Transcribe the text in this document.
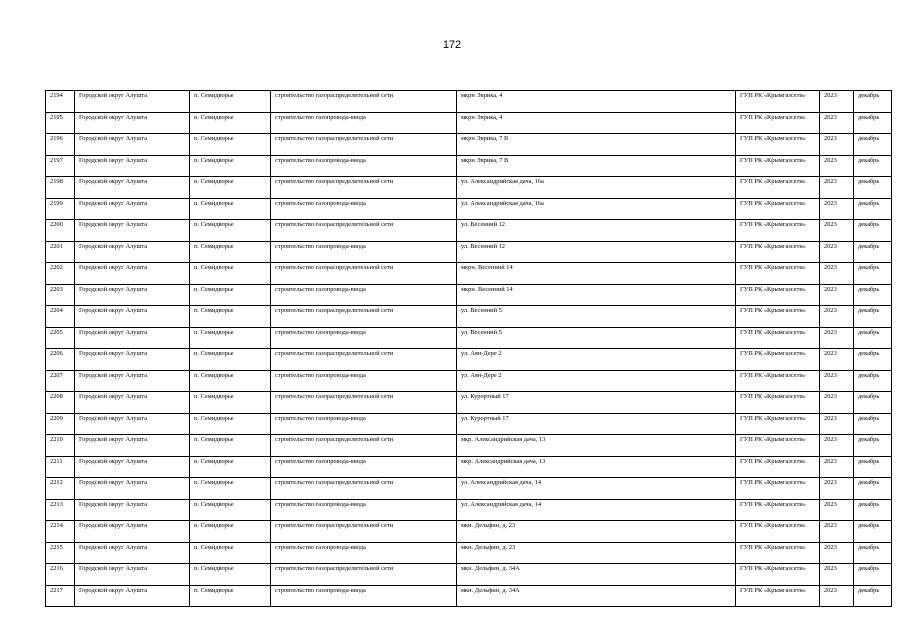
172
2194	Городской округ Алушта	п. Семидворье	строительство газораспределительной сети	мкрн Эврика, 4	ГУП РК «Крымгазсети»	2023	декабрь
2195	Городской округ Алушта	п. Семидворье	строительство газопровода-ввода	мкрн Эврика, 4	ГУП РК «Крымгазсети»	2023	декабрь
2196	Городской округ Алушта	п. Семидворье	строительство газораспределительной сети	мкрн Эврика, 7 В	ГУП РК «Крымгазсети»	2023	декабрь
2197	Городской округ Алушта	п. Семидворье	строительство газопровода-ввода	мкрн Эврика, 7 В	ГУП РК «Крымгазсети»	2023	декабрь
2198	Городской округ Алушта	п. Семидворье	строительство газораспределительной сети	ул. Александрийская дача, 16а	ГУП РК «Крымгазсети»	2023	декабрь
2199	Городской округ Алушта	п. Семидворье	строительство газопровода-ввода	ул. Александрийская дача, 16а	ГУП РК «Крымгазсети»	2023	декабрь
2200	Городской округ Алушта	п. Семидворье	строительство газораспределительной сети	ул. Весенний 12	ГУП РК «Крымгазсети»	2023	декабрь
2201	Городской округ Алушта	п. Семидворье	строительство газопровода-ввода	ул. Весенний 12	ГУП РК «Крымгазсети»	2023	декабрь
2202	Городской округ Алушта	п. Семидворье	строительство газораспределительной сети	мкрн. Весенний 14	ГУП РК «Крымгазсети»	2023	декабрь
2203	Городской округ Алушта	п. Семидворье	строительство газопровода-ввода	мкрн. Весенний 14	ГУП РК «Крымгазсети»	2023	декабрь
2204	Городской округ Алушта	п. Семидворье	строительство газораспределительной сети	ул. Весенний 5	ГУП РК «Крымгазсети»	2023	декабрь
2205	Городской округ Алушта	п. Семидворье	строительство газопровода-ввода	ул. Весенний 5	ГУП РК «Крымгазсети»	2023	декабрь
2206	Городской округ Алушта	п. Семидворье	строительство газораспределительной сети	ул. Аян-Дере 2	ГУП РК «Крымгазсети»	2023	декабрь
2207	Городской округ Алушта	п. Семидворье	строительство газопровода-ввода	ул. Аян-Дере 2	ГУП РК «Крымгазсети»	2023	декабрь
2208	Городской округ Алушта	п. Семидворье	строительство газораспределительной сети	ул. Курортный 17	ГУП РК «Крымгазсети»	2023	декабрь
2209	Городской округ Алушта	п. Семидворье	строительство газопровода-ввода	ул. Курортный 17	ГУП РК «Крымгазсети»	2023	декабрь
2210	Городской округ Алушта	п. Семидворье	строительство газораспределительной сети	мкр. Александрийская дача, 13	ГУП РК «Крымгазсети»	2023	декабрь
2211	Городской округ Алушта	п. Семидворье	строительство газопровода-ввода	мкр. Александрийская дача, 13	ГУП РК «Крымгазсети»	2023	декабрь
2212	Городской округ Алушта	п. Семидворье	строительство газораспределительной сети	ул. Александрийская дача, 14	ГУП РК «Крымгазсети»	2023	декабрь
2213	Городской округ Алушта	п. Семидворье	строительство газопровода-ввода	ул. Александрийская дача, 14	ГУП РК «Крымгазсети»	2023	декабрь
2214	Городской округ Алушта	п. Семидворье	строительство газораспределительной сети	мкн. Дельфин, д. 23	ГУП РК «Крымгазсети»	2023	декабрь
2215	Городской округ Алушта	п. Семидворье	строительство газопровода-ввода	мкн. Дельфин, д. 23	ГУП РК «Крымгазсети»	2023	декабрь
2216	Городской округ Алушта	п. Семидворье	строительство газораспределительной сети	мкн. Дельфин, д. 34А	ГУП РК «Крымгазсети»	2023	декабрь
2217	Городской округ Алушта	п. Семидворье	строительство газопровода-ввода	мкн. Дельфин, д. 34А	ГУП РК «Крымгазсети»	2023	декабрь
